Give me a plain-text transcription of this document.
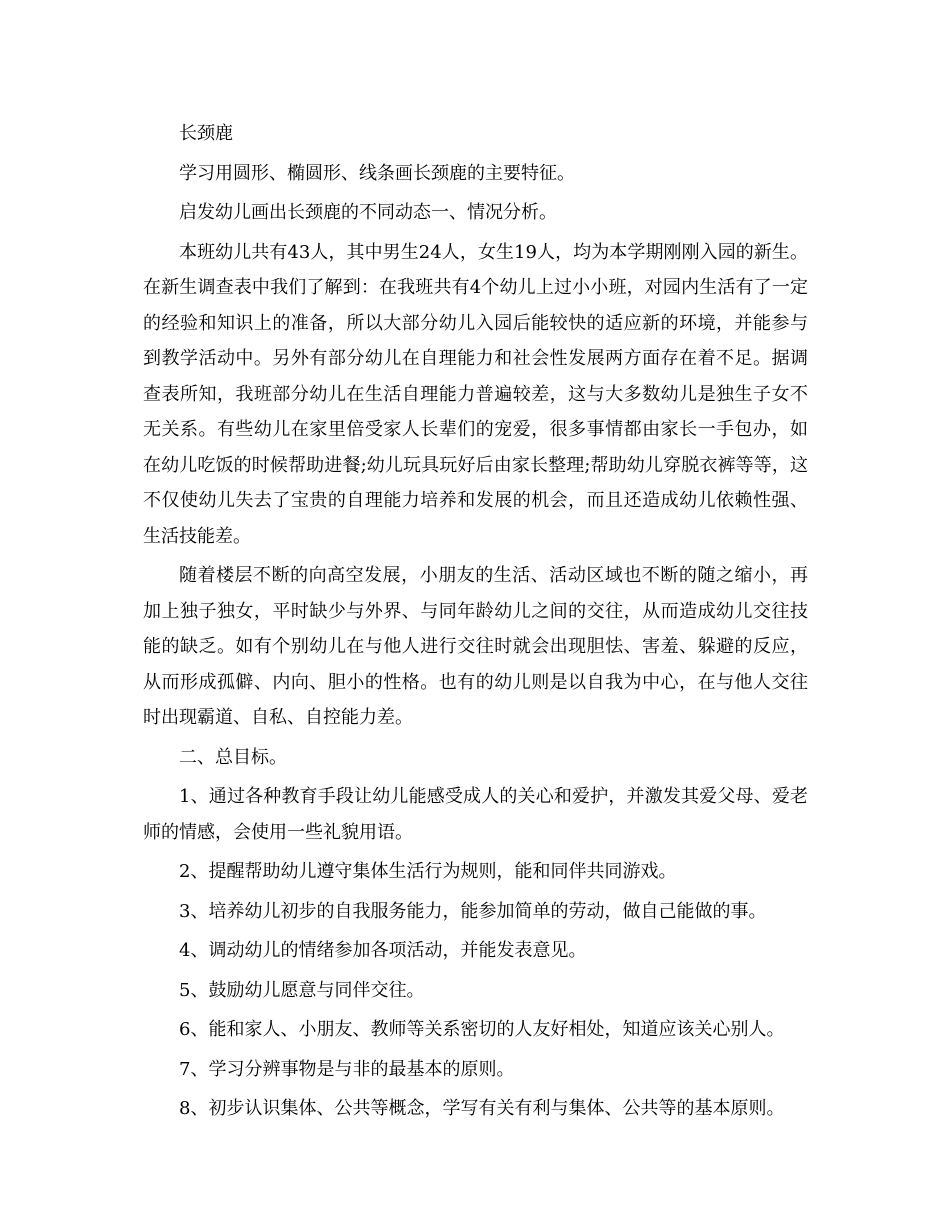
长颈鹿

学习用圆形、椭圆形、线条画长颈鹿的主要特征。

启发幼儿画出长颈鹿的不同动态一、情况分析。

本班幼儿共有43人，其中男生24人，女生19人，均为本学期刚刚入园的新生。在新生调查表中我们了解到：在我班共有4个幼儿上过小小班，对园内生活有了一定的经验和知识上的准备，所以大部分幼儿入园后能较快的适应新的环境，并能参与到教学活动中。另外有部分幼儿在自理能力和社会性发展两方面存在着不足。据调查表所知，我班部分幼儿在生活自理能力普遍较差，这与大多数幼儿是独生子女不无关系。有些幼儿在家里倍受家人长辈们的宠爱，很多事情都由家长一手包办，如在幼儿吃饭的时候帮助进餐;幼儿玩具玩好后由家长整理;帮助幼儿穿脱衣裤等等，这不仅使幼儿失去了宝贵的自理能力培养和发展的机会，而且还造成幼儿依赖性强、生活技能差。

随着楼层不断的向高空发展，小朋友的生活、活动区域也不断的随之缩小，再加上独子独女，平时缺少与外界、与同年龄幼儿之间的交往，从而造成幼儿交往技能的缺乏。如有个别幼儿在与他人进行交往时就会出现胆怯、害羞、躲避的反应，从而形成孤僻、内向、胆小的性格。也有的幼儿则是以自我为中心，在与他人交往时出现霸道、自私、自控能力差。

二、总目标。

1、通过各种教育手段让幼儿能感受成人的关心和爱护，并激发其爱父母、爱老师的情感，会使用一些礼貌用语。

2、提醒帮助幼儿遵守集体生活行为规则，能和同伴共同游戏。

3、培养幼儿初步的自我服务能力，能参加简单的劳动，做自己能做的事。

4、调动幼儿的情绪参加各项活动，并能发表意见。

5、鼓励幼儿愿意与同伴交往。

6、能和家人、小朋友、教师等关系密切的人友好相处，知道应该关心别人。

7、学习分辨事物是与非的最基本的原则。

8、初步认识集体、公共等概念，学写有关有利与集体、公共等的基本原则。
